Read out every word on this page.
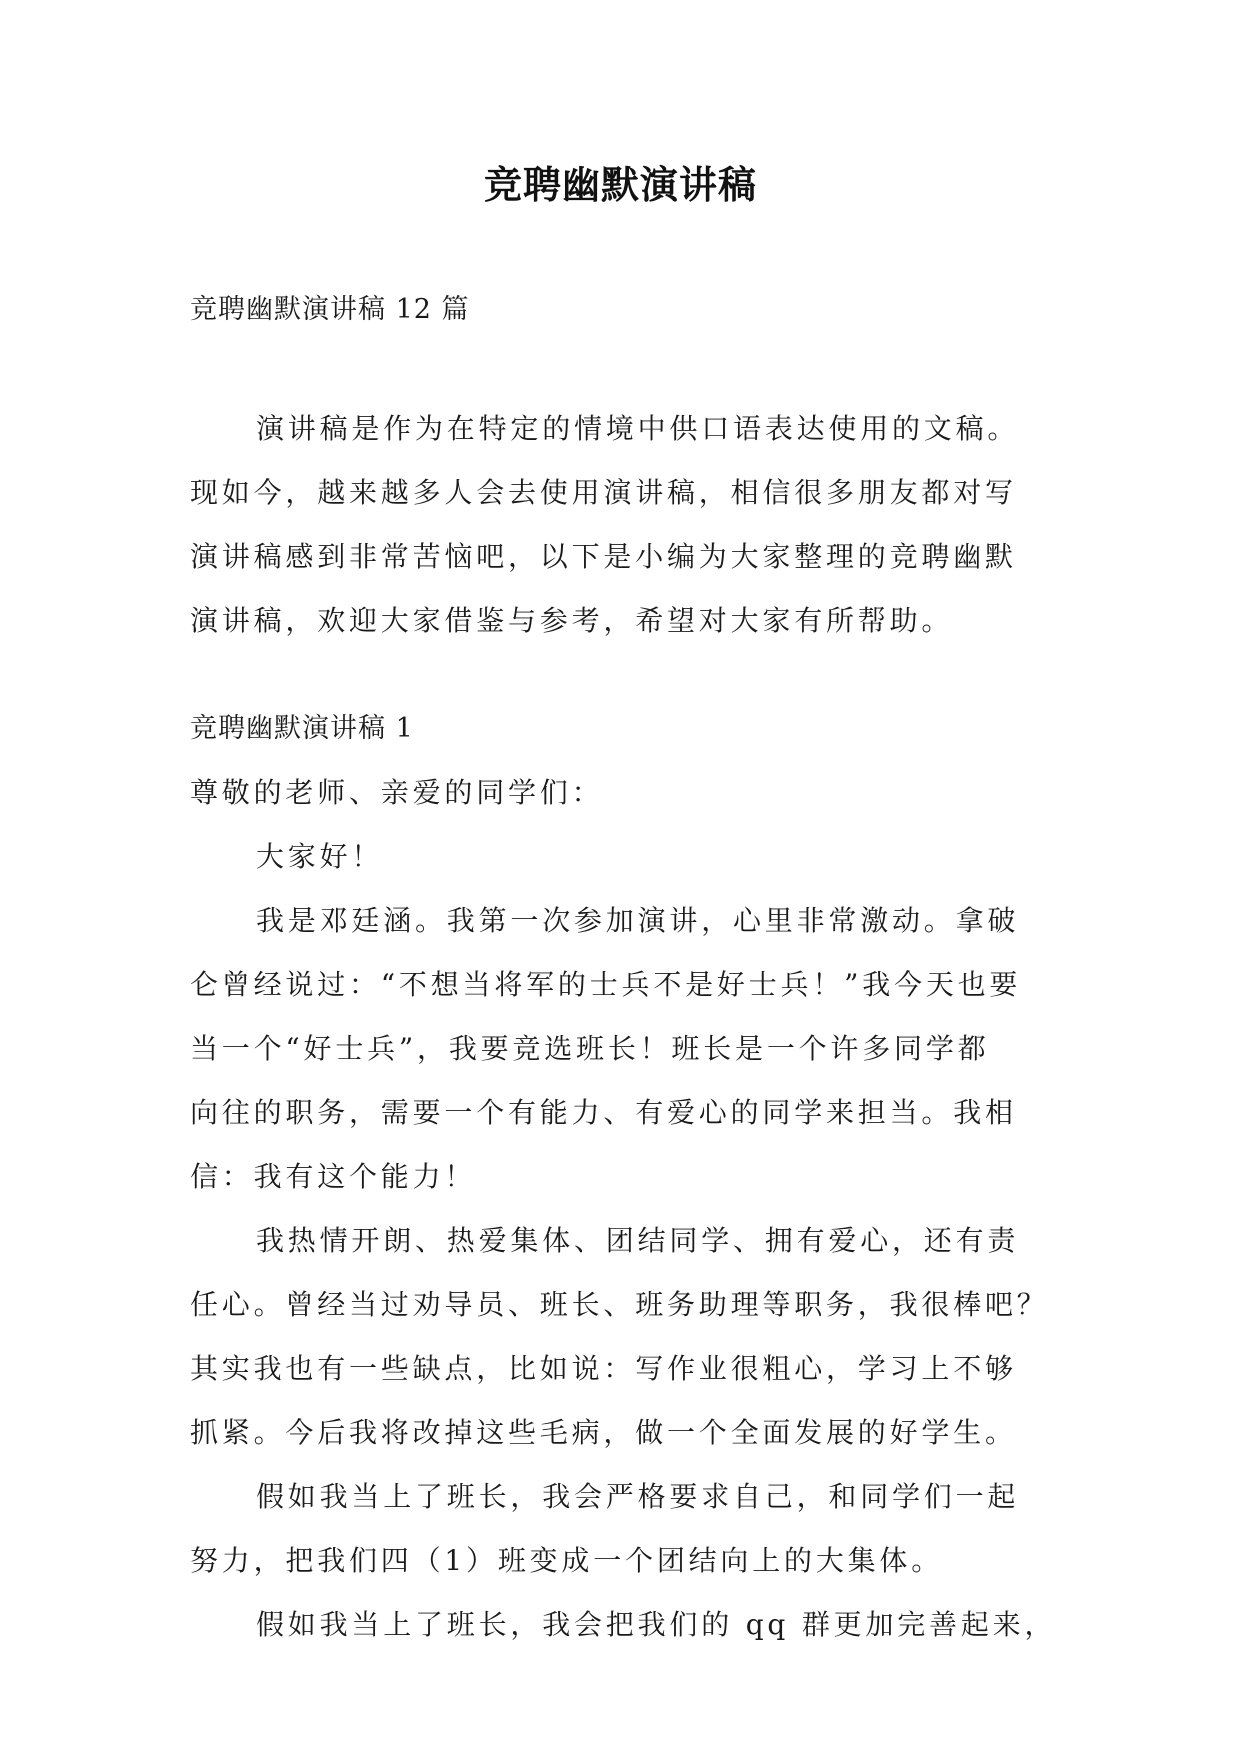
竞聘幽默演讲稿
竞聘幽默演讲稿 12 篇
演讲稿是作为在特定的情境中供口语表达使用的文稿。
现如今，越来越多人会去使用演讲稿，相信很多朋友都对写
演讲稿感到非常苦恼吧，以下是小编为大家整理的竞聘幽默
演讲稿，欢迎大家借鉴与参考，希望对大家有所帮助。
竞聘幽默演讲稿 1
尊敬的老师、亲爱的同学们：
大家好！
我是邓廷涵。我第一次参加演讲，心里非常激动。拿破
仑曾经说过：“不想当将军的士兵不是好士兵！”我今天也要
当一个“好士兵”，我要竞选班长！班长是一个许多同学都
向往的职务，需要一个有能力、有爱心的同学来担当。我相
信：我有这个能力！
我热情开朗、热爱集体、团结同学、拥有爱心，还有责
任心。曾经当过劝导员、班长、班务助理等职务，我很棒吧？
其实我也有一些缺点，比如说：写作业很粗心，学习上不够
抓紧。今后我将改掉这些毛病，做一个全面发展的好学生。
假如我当上了班长，我会严格要求自己，和同学们一起
努力，把我们四（1）班变成一个团结向上的大集体。
假如我当上了班长，我会把我们的 qq 群更加完善起来，
